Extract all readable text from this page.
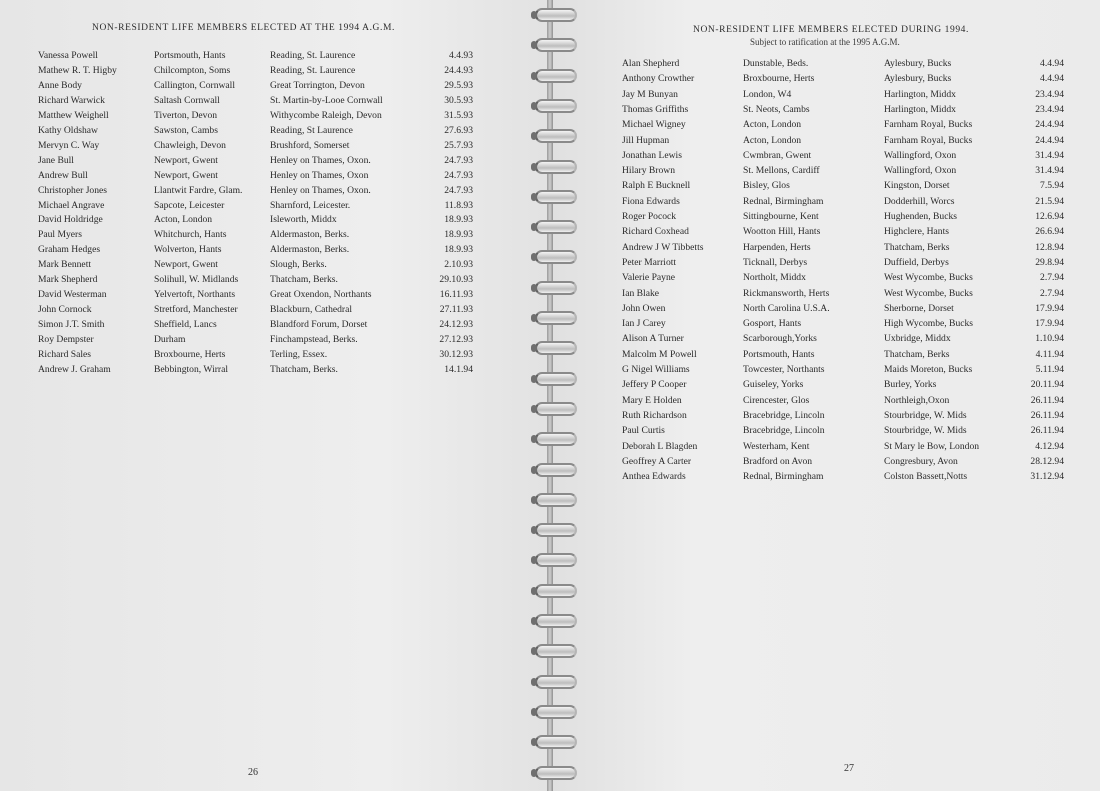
NON-RESIDENT LIFE MEMBERS ELECTED AT THE 1994 A.G.M.
Vanessa Powell	Portsmouth, Hants	Reading, St. Laurence	4.4.93
Mathew R. T. Higby	Chilcompton, Soms	Reading, St. Laurence	24.4.93
Anne Body	Callington, Cornwall	Great Torrington, Devon	29.5.93
Richard Warwick	Saltash Cornwall	St. Martin-by-Looe Cornwall	30.5.93
Matthew Weighell	Tiverton, Devon	Withycombe Raleigh, Devon	31.5.93
Kathy Oldshaw	Sawston, Cambs	Reading, St Laurence	27.6.93
Mervyn C. Way	Chawleigh, Devon	Brushford, Somerset	25.7.93
Jane Bull	Newport, Gwent	Henley on Thames, Oxon.	24.7.93
Andrew Bull	Newport, Gwent	Henley on Thames, Oxon	24.7.93
Christopher Jones	Llantwit Fardre, Glam.	Henley on Thames, Oxon.	24.7.93
Michael Angrave	Sapcote, Leicester	Sharnford, Leicester.	11.8.93
David Holdridge	Acton, London	Isleworth, Middx	18.9.93
Paul Myers	Whitchurch, Hants	Aldermaston, Berks.	18.9.93
Graham Hedges	Wolverton, Hants	Aldermaston, Berks.	18.9.93
Mark Bennett	Newport, Gwent	Slough, Berks.	2.10.93
Mark Shepherd	Solihull, W. Midlands	Thatcham, Berks.	29.10.93
David Westerman	Yelvertoft, Northants	Great Oxendon, Northants	16.11.93
John Cornock	Stretford, Manchester	Blackburn, Cathedral	27.11.93
Simon J.T. Smith	Sheffield, Lancs	Blandford Forum, Dorset	24.12.93
Roy Dempster	Durham	Finchampstead, Berks.	27.12.93
Richard Sales	Broxbourne, Herts	Terling, Essex.	30.12.93
Andrew J. Graham	Bebbington, Wirral	Thatcham, Berks.	14.1.94
26
NON-RESIDENT LIFE MEMBERS ELECTED DURING 1994.
Subject to ratification at the 1995 A.G.M.
Alan Shepherd	Dunstable, Beds.	Aylesbury, Bucks	4.4.94
Anthony Crowther	Broxbourne, Herts	Aylesbury, Bucks	4.4.94
Jay M Bunyan	London, W4	Harlington, Middx	23.4.94
Thomas Griffiths	St. Neots, Cambs	Harlington, Middx	23.4.94
Michael Wigney	Acton, London	Farnham Royal, Bucks	24.4.94
Jill Hupman	Acton, London	Farnham Royal, Bucks	24.4.94
Jonathan Lewis	Cwmbran, Gwent	Wallingford, Oxon	31.4.94
Hilary Brown	St. Mellons, Cardiff	Wallingford, Oxon	31.4.94
Ralph E Bucknell	Bisley, Glos	Kingston, Dorset	7.5.94
Fiona Edwards	Rednal, Birmingham	Dodderhill, Worcs	21.5.94
Roger Pocock	Sittingbourne, Kent	Hughenden, Bucks	12.6.94
Richard Coxhead	Wootton Hill, Hants	Highclere, Hants	26.6.94
Andrew J W Tibbetts	Harpenden, Herts	Thatcham, Berks	12.8.94
Peter Marriott	Ticknall, Derbys	Duffield, Derbys	29.8.94
Valerie Payne	Northolt, Middx	West Wycombe, Bucks	2.7.94
Ian Blake	Rickmansworth, Herts	West Wycombe, Bucks	2.7.94
John Owen	North Carolina U.S.A.	Sherborne, Dorset	17.9.94
Ian J Carey	Gosport, Hants	High Wycombe, Bucks	17.9.94
Alison A Turner	Scarborough,Yorks	Uxbridge, Middx	1.10.94
Malcolm M Powell	Portsmouth, Hants	Thatcham, Berks	4.11.94
G Nigel Williams	Towcester, Northants	Maids Moreton, Bucks	5.11.94
Jeffery P Cooper	Guiseley, Yorks	Burley, Yorks	20.11.94
Mary E Holden	Cirencester, Glos	Northleigh,Oxon	26.11.94
Ruth Richardson	Bracebridge, Lincoln	Stourbridge, W. Mids	26.11.94
Paul Curtis	Bracebridge, Lincoln	Stourbridge, W. Mids	26.11.94
Deborah L Blagden	Westerham, Kent	St Mary le Bow, London	4.12.94
Geoffrey A Carter	Bradford on Avon	Congresbury, Avon	28.12.94
Anthea Edwards	Rednal, Birmingham	Colston Bassett,Notts	31.12.94
27
